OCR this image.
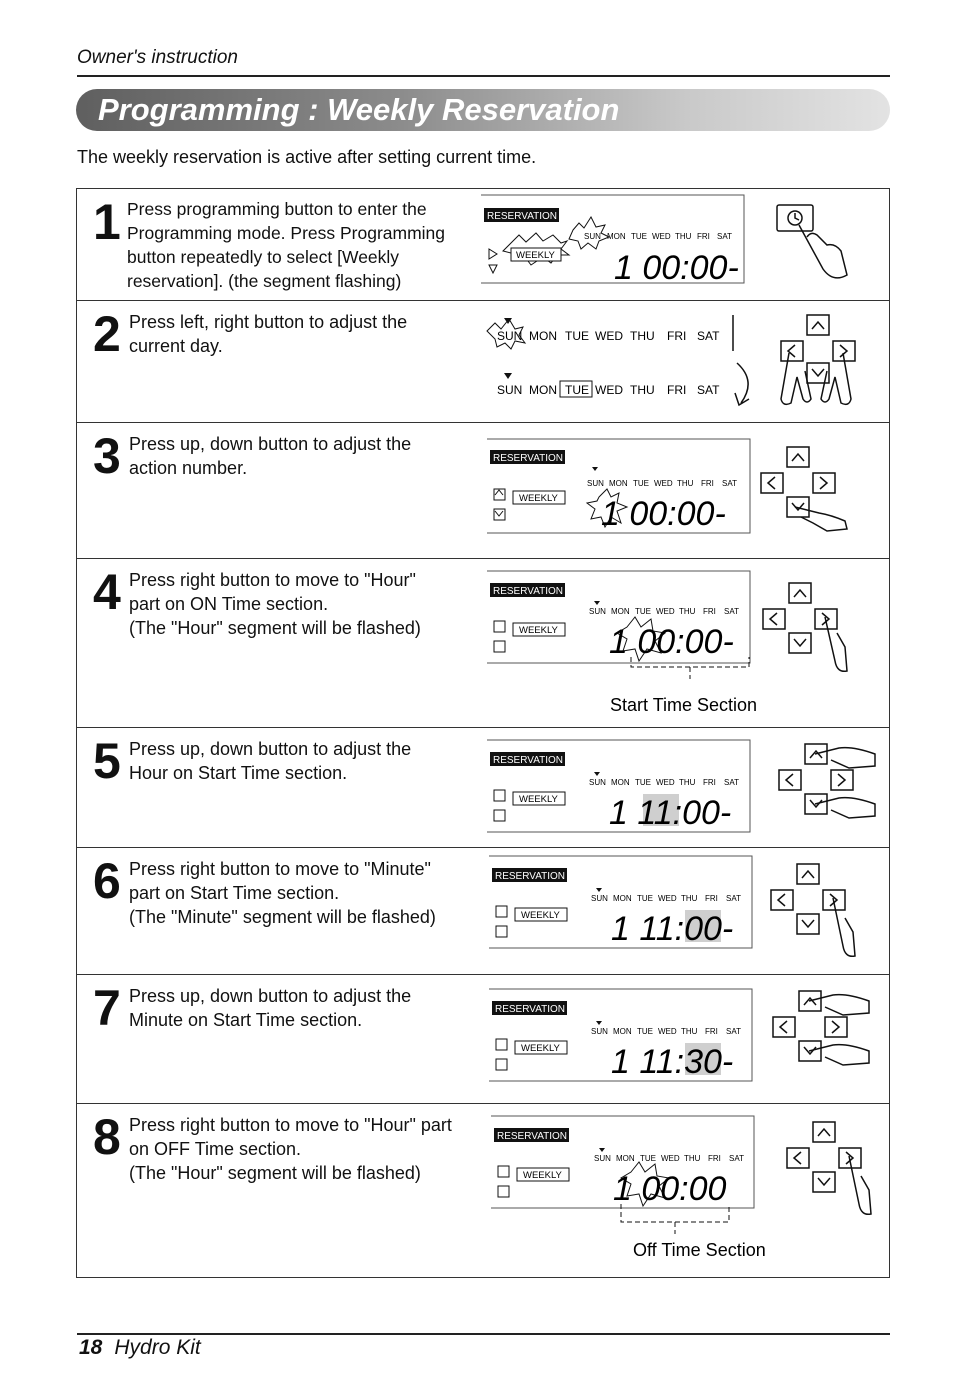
Owner's instruction
Programming : Weekly Reservation
The weekly reservation is active after setting current time.
1 Press programming button to enter the
Programming mode. Press Programming
button repeatedly to select [Weekly
reservation]. (the segment flashing)
RESERVATION
WEEKLY
SUN MON TUE WED THU FRI SAT
1 00:00-
2 Press left, right button to adjust the
current day.	SUN MON TUE WED THU FRI SAT
SUN MON TUE WED THU FRI SAT
3 Press up, down button to adjust the
action number.	RESERVATION
WEEKLY
SUN MON TUE WED THU FRI SAT
1 00:00-
4 Press right button to move to "Hour"
part on ON Time section.
(The "Hour" segment will be flashed)
RESERVATION
WEEKLY
SUN MON TUE WED THU FRI SAT
1 00:00-
Start Time Section
5 Press up, down button to adjust the
Hour on Start Time section.
RESERVATION
WEEKLY
SUN MON TUE WED THU FRI SAT
1 11:00-
6 Press right button to move to "Minute"
part on Start Time section.
(The "Minute" segment will be flashed)
RESERVATION
WEEKLY
SUN MON TUE WED THU FRI SAT
1 11:00-
7 Press up, down button to adjust the
Minute on Start Time section.
RESERVATION
WEEKLY
SUN MON TUE WED THU FRI SAT
1 11:30-
8 Press right button to move to "Hour" part
on OFF Time section.
(The "Hour" segment will be flashed)
RESERVATION
WEEKLY
SUN MON TUE WED THU FRI SAT
1 00:00
Off Time Section
18 Hydro Kit
